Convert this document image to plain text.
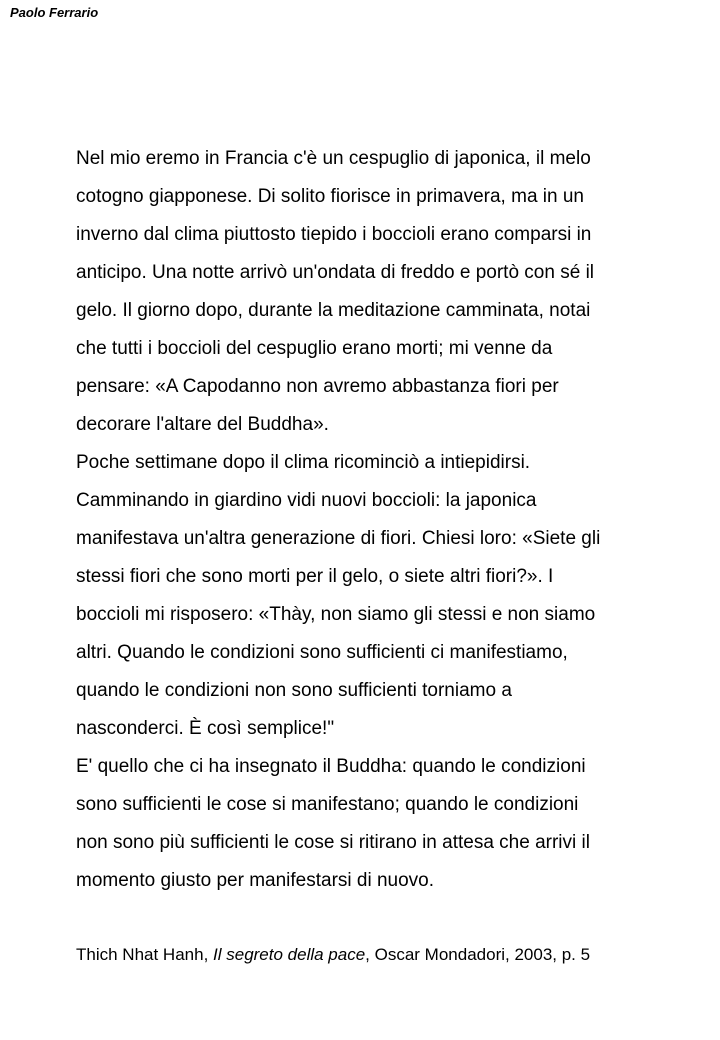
Paolo Ferrario
Nel mio eremo in Francia c'è un cespuglio di japonica, il melo
cotogno giapponese. Di solito fiorisce in primavera, ma in un
inverno dal clima piuttosto tiepido i boccioli erano comparsi in
anticipo. Una notte arrivò un'ondata di freddo e portò con sé il
gelo. Il giorno dopo, durante la meditazione camminata, notai
che tutti i boccioli del cespuglio erano morti; mi venne da
pensare: «A Capodanno non avremo abbastanza fiori per
decorare l'altare del Buddha».
Poche settimane dopo il clima ricominciò a intiepidirsi.
Camminando in giardino vidi nuovi boccioli: la japonica
manifestava un'altra generazione di fiori. Chiesi loro: «Siete gli
stessi fiori che sono morti per il gelo, o siete altri fiori?». I
boccioli mi risposero: «Thày, non siamo gli stessi e non siamo
altri. Quando le condizioni sono sufficienti ci manifestiamo,
quando le condizioni non sono sufficienti torniamo a
nasconderci. È così semplice!"
E' quello che ci ha insegnato il Buddha: quando le condizioni
sono sufficienti le cose si manifestano; quando le condizioni
non sono più sufficienti le cose si ritirano in attesa che arrivi il
momento giusto per manifestarsi di nuovo.
Thich Nhat Hanh, Il segreto della pace, Oscar Mondadori, 2003, p. 5
